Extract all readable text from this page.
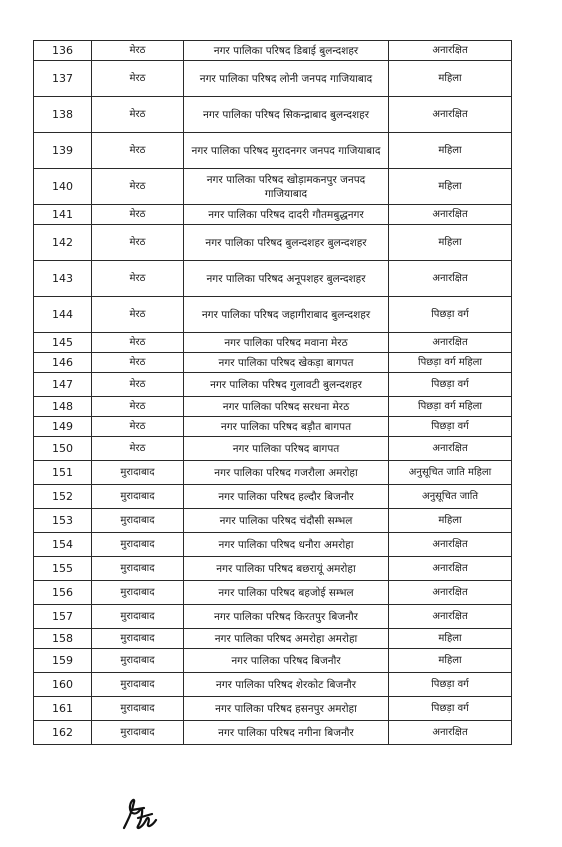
136	मेरठ	नगर पालिका परिषद डिबाई बुलन्दशहर	अनारक्षित
137	मेरठ	नगर पालिका परिषद लोनी जनपद गाजियाबाद	महिला
138	मेरठ	नगर पालिका परिषद सिकन्द्राबाद बुलन्दशहर	अनारक्षित
139	मेरठ	नगर पालिका परिषद मुरादनगर जनपद गाजियाबाद	महिला
140	मेरठ	नगर पालिका परिषद खोड़ामकनपुर जनपद गाजियाबाद	महिला
141	मेरठ	नगर पालिका परिषद दादरी गौतमबुद्धनगर	अनारक्षित
142	मेरठ	नगर पालिका परिषद बुलन्दशहर बुलन्दशहर	महिला
143	मेरठ	नगर पालिका परिषद अनूपशहर बुलन्दशहर	अनारक्षित
144	मेरठ	नगर पालिका परिषद जहागीराबाद बुलन्दशहर	पिछड़ा वर्ग
145	मेरठ	नगर पालिका परिषद मवाना मेरठ	अनारक्षित
146	मेरठ	नगर पालिका परिषद खेकड़ा बागपत	पिछड़ा वर्ग महिला
147	मेरठ	नगर पालिका परिषद गुलावटी बुलन्दशहर	पिछड़ा वर्ग
148	मेरठ	नगर पालिका परिषद सरधना मेरठ	पिछड़ा वर्ग महिला
149	मेरठ	नगर पालिका परिषद बड़ौत बागपत	पिछड़ा वर्ग
150	मेरठ	नगर पालिका परिषद बागपत	अनारक्षित
151	मुरादाबाद	नगर पालिका परिषद गजरौला अमरोहा	अनुसूचित जाति महिला
152	मुरादाबाद	नगर पालिका परिषद हल्दौर बिजनौर	अनुसूचित जाति
153	मुरादाबाद	नगर पालिका परिषद चंदौसी सम्भल	महिला
154	मुरादाबाद	नगर पालिका परिषद धनौरा अमरोहा	अनारक्षित
155	मुरादाबाद	नगर पालिका परिषद बछरायूं अमरोहा	अनारक्षित
156	मुरादाबाद	नगर पालिका परिषद बहजोई सम्भल	अनारक्षित
157	मुरादाबाद	नगर पालिका परिषद किरतपुर बिजनौर	अनारक्षित
158	मुरादाबाद	नगर पालिका परिषद अमरोहा अमरोहा	महिला
159	मुरादाबाद	नगर पालिका परिषद बिजनौर	महिला
160	मुरादाबाद	नगर पालिका परिषद शेरकोट बिजनौर	पिछड़ा वर्ग
161	मुरादाबाद	नगर पालिका परिषद हसनपुर अमरोहा	पिछड़ा वर्ग
162	मुरादाबाद	नगर पालिका परिषद नगीना बिजनौर	अनारक्षित
